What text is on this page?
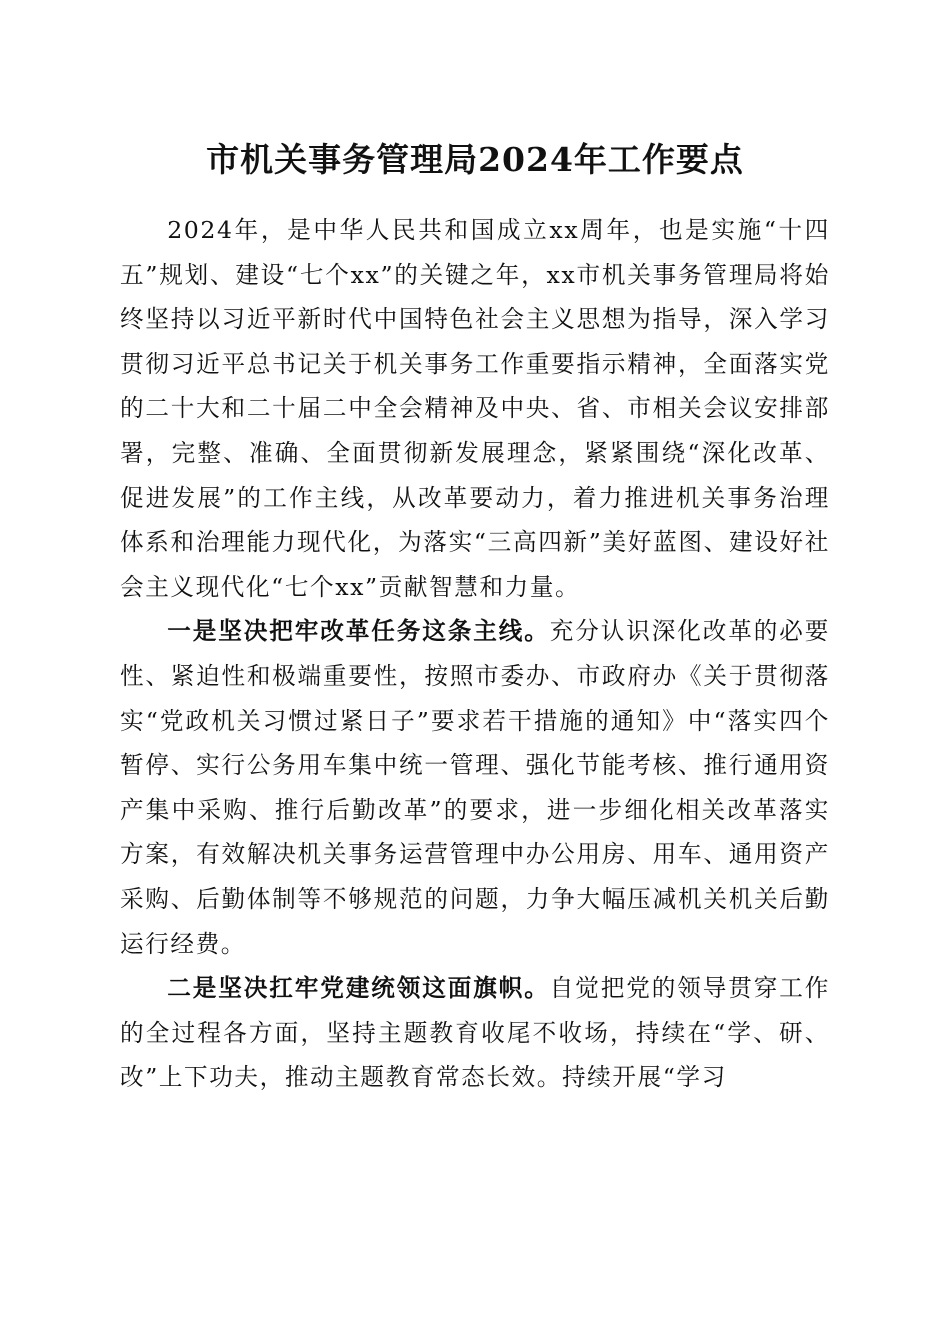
市机关事务管理局2024年工作要点

2024年，是中华人民共和国成立xx周年，也是实施“十四五”规划、建设“七个xx”的关键之年，xx市机关事务管理局将始终坚持以习近平新时代中国特色社会主义思想为指导，深入学习贯彻习近平总书记关于机关事务工作重要指示精神，全面落实党的二十大和二十届二中全会精神及中央、省、市相关会议安排部署，完整、准确、全面贯彻新发展理念，紧紧围绕“深化改革、促进发展”的工作主线，从改革要动力，着力推进机关事务治理体系和治理能力现代化，为落实“三高四新”美好蓝图、建设好社会主义现代化“七个xx”贡献智慧和力量。

一是坚决把牢改革任务这条主线。充分认识深化改革的必要性、紧迫性和极端重要性，按照市委办、市政府办《关于贯彻落实“党政机关习惯过紧日子”要求若干措施的通知》中“落实四个暂停、实行公务用车集中统一管理、强化节能考核、推行通用资产集中采购、推行后勤改革”的要求，进一步细化相关改革落实方案，有效解决机关事务运营管理中办公用房、用车、通用资产采购、后勤体制等不够规范的问题，力争大幅压减机关机关后勤运行经费。

二是坚决扛牢党建统领这面旗帜。自觉把党的领导贯穿工作的全过程各方面，坚持主题教育收尾不收场，持续在“学、研、改”上下功夫，推动主题教育常态长效。持续开展“学习
